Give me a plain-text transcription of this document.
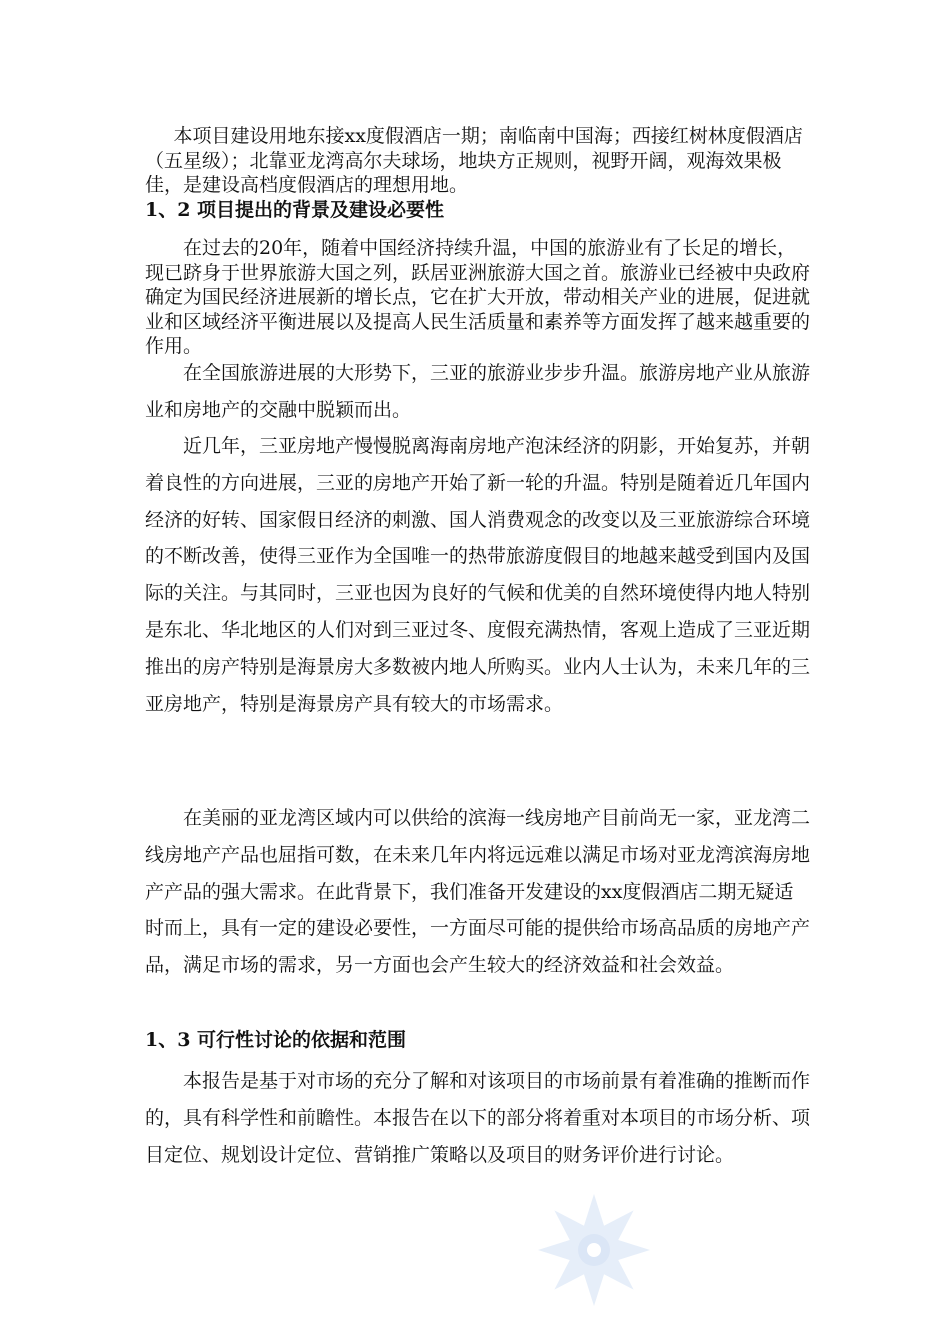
本项目建设用地东接xx度假酒店一期；南临南中国海；西接红树林度假酒店（五星级）；北靠亚龙湾高尔夫球场，地块方正规则，视野开阔，观海效果极佳，是建设高档度假酒店的理想用地。

1、2 项目提出的背景及建设必要性

在过去的20年，随着中国经济持续升温，中国的旅游业有了长足的增长，现已跻身于世界旅游大国之列，跃居亚洲旅游大国之首。旅游业已经被中央政府确定为国民经济进展新的增长点，它在扩大开放，带动相关产业的进展，促进就业和区域经济平衡进展以及提高人民生活质量和素养等方面发挥了越来越重要的作用。

在全国旅游进展的大形势下，三亚的旅游业步步升温。旅游房地产业从旅游业和房地产的交融中脱颖而出。

近几年，三亚房地产慢慢脱离海南房地产泡沫经济的阴影，开始复苏，并朝着良性的方向进展，三亚的房地产开始了新一轮的升温。特别是随着近几年国内经济的好转、国家假日经济的刺激、国人消费观念的改变以及三亚旅游综合环境的不断改善，使得三亚作为全国唯一的热带旅游度假目的地越来越受到国内及国际的关注。与其同时，三亚也因为良好的气候和优美的自然环境使得内地人特别是东北、华北地区的人们对到三亚过冬、度假充满热情，客观上造成了三亚近期推出的房产特别是海景房大多数被内地人所购买。业内人士认为，未来几年的三亚房地产，特别是海景房产具有较大的市场需求。

在美丽的亚龙湾区域内可以供给的滨海一线房地产目前尚无一家，亚龙湾二线房地产产品也屈指可数，在未来几年内将远远难以满足市场对亚龙湾滨海房地产产品的强大需求。在此背景下，我们准备开发建设的xx度假酒店二期无疑适时而上，具有一定的建设必要性，一方面尽可能的提供给市场高品质的房地产产品，满足市场的需求，另一方面也会产生较大的经济效益和社会效益。

1、3 可行性讨论的依据和范围

本报告是基于对市场的充分了解和对该项目的市场前景有着准确的推断而作的，具有科学性和前瞻性。本报告在以下的部分将着重对本项目的市场分析、项目定位、规划设计定位、营销推广策略以及项目的财务评价进行讨论。
